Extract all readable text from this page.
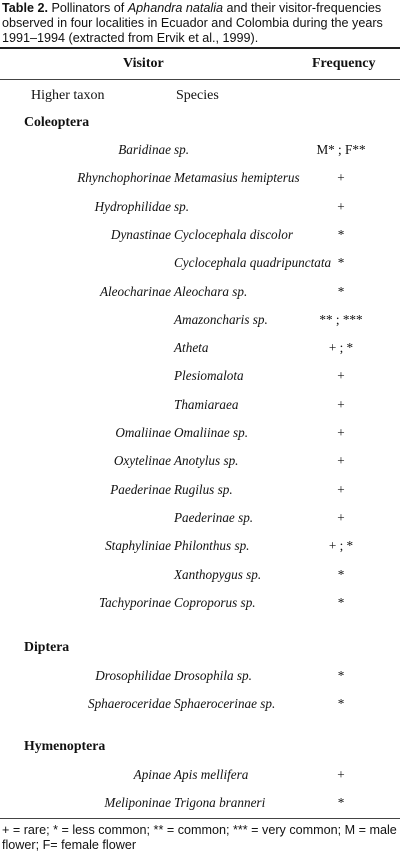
Table 2. Pollinators of Aphandra natalia and their visitor-frequencies observed in four localities in Ecuador and Colombia during the years 1991–1994 (extracted from Ervik et al., 1999).
Visitor	Frequency
Higher taxon	Species
Coleoptera
Baridinae sp.	M* ; F**
Rhynchophorinae Metamasius hemipterus	+
Hydrophilidae sp.	+
Dynastinae Cyclocephala discolor	*
Cyclocephala quadripunctata *
Aleocharinae Aleochara sp.	*
Amazoncharis sp.	** ; ***
Atheta	+ ; *
Plesiomalota	+
Thamiaraea	+
Omaliinae Omaliinae sp.	+
Oxytelinae Anotylus sp.	+
Paederinae Rugilus sp.	+
Paederinae sp.	+
Staphyliniae Philonthus sp.	+ ; *
Xanthopygus sp.	*
Tachyporinae Coproporus sp.	*
Diptera
Drosophilidae Drosophila sp.	*
Sphaeroceridae Sphaerocerinae sp.	*
Hymenoptera
Apinae Apis mellifera	+
Meliponinae Trigona branneri	*
+ = rare; * = less common; ** = common; *** = very common; M = male flower; F= female flower
